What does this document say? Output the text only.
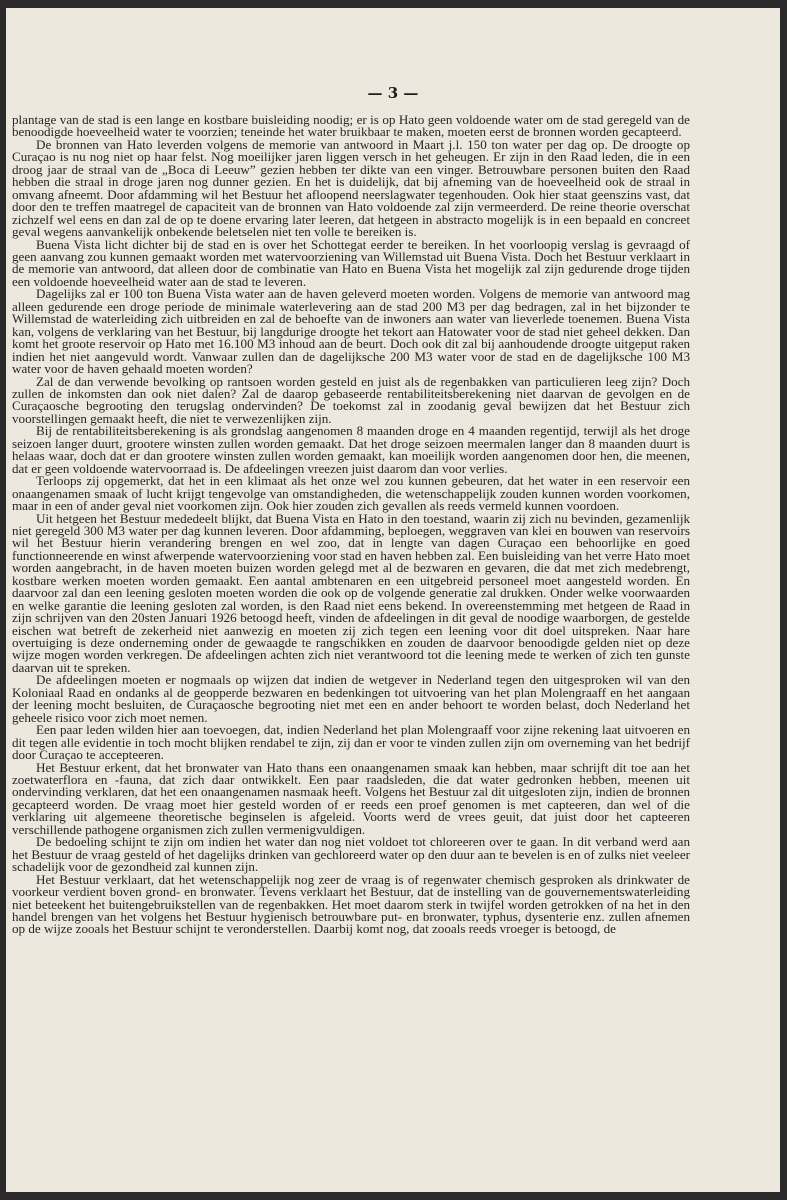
— 3 —

plantage van de stad is een lange en kostbare buisleiding noodig; er is op Hato geen voldoende water om de stad geregeld van de benoodigde hoeveelheid water te voorzien; teneinde het water bruikbaar te maken, moeten eerst de bronnen worden gecapteerd.

De bronnen van Hato leverden volgens de memorie van antwoord in Maart j.l. 150 ton water per dag op. De droogte op Curaçao is nu nog niet op haar felst. Nog moeilijker jaren liggen versch in het geheugen. Er zijn in den Raad leden, die in een droog jaar de straal van de „Boca di Leeuw” gezien hebben ter dikte van een vinger. Betrouwbare personen buiten den Raad hebben die straal in droge jaren nog dunner gezien. En het is duidelijk, dat bij afneming van de hoeveelheid ook de straal in omvang afneemt. Door afdamming wil het Bestuur het afloopend neerslagwater tegenhouden. Ook hier staat geenszins vast, dat door den te treffen maatregel de capaciteit van de bronnen van Hato voldoende zal zijn vermeerderd. De reine theorie overschat zichzelf wel eens en dan zal de op te doene ervaring later leeren, dat hetgeen in abstracto mogelijk is in een bepaald en concreet geval wegens aanvankelijk onbekende beletselen niet ten volle te bereiken is.

Buena Vista licht dichter bij de stad en is over het Schottegat eerder te bereiken. In het voorloopig verslag is gevraagd of geen aanvang zou kunnen gemaakt worden met watervoorziening van Willemstad uit Buena Vista. Doch het Bestuur verklaart in de memorie van antwoord, dat alleen door de combinatie van Hato en Buena Vista het mogelijk zal zijn gedurende droge tijden een voldoende hoeveelheid water aan de stad te leveren.

Dagelijks zal er 100 ton Buena Vista water aan de haven geleverd moeten worden. Volgens de memorie van antwoord mag alleen gedurende een droge periode de minimale waterlevering aan de stad 200 M3 per dag bedragen, zal in het bijzonder te Willemstad de waterleiding zich uitbreiden en zal de behoefte van de inwoners aan water van lieverlede toenemen. Buena Vista kan, volgens de verklaring van het Bestuur, bij langdurige droogte het tekort aan Hatowater voor de stad niet geheel dekken. Dan komt het groote reservoir op Hato met 16.100 M3 inhoud aan de beurt. Doch ook dit zal bij aanhoudende droogte uitgeput raken indien het niet aangevuld wordt. Vanwaar zullen dan de dagelijksche 200 M3 water voor de stad en de dagelijksche 100 M3 water voor de haven gehaald moeten worden?

Zal de dan verwende bevolking op rantsoen worden gesteld en juist als de regenbakken van particulieren leeg zijn? Doch zullen de inkomsten dan ook niet dalen? Zal de daarop gebaseerde rentabiliteitsberekening niet daarvan de gevolgen en de Curaçaosche begrooting den terugslag ondervinden? De toekomst zal in zoodanig geval bewijzen dat het Bestuur zich voorstellingen gemaakt heeft, die niet te verwezenlijken zijn.

Bij de rentabiliteitsberekening is als grondslag aangenomen 8 maanden droge en 4 maanden regentijd, terwijl als het droge seizoen langer duurt, grootere winsten zullen worden gemaakt. Dat het droge seizoen meermalen langer dan 8 maanden duurt is helaas waar, doch dat er dan grootere winsten zullen worden gemaakt, kan moeilijk worden aangenomen door hen, die meenen, dat er geen voldoende watervoorraad is. De afdeelingen vreezen juist daarom dan voor verlies.

Terloops zij opgemerkt, dat het in een klimaat als het onze wel zou kunnen gebeuren, dat het water in een reservoir een onaangenamen smaak of lucht krijgt tengevolge van omstandigheden, die wetenschappelijk zouden kunnen worden voorkomen, maar in een of ander geval niet voorkomen zijn. Ook hier zouden zich gevallen als reeds vermeld kunnen voordoen.

Uit hetgeen het Bestuur mededeelt blijkt, dat Buena Vista en Hato in den toestand, waarin zij zich nu bevinden, gezamenlijk niet geregeld 300 M3 water per dag kunnen leveren. Door afdamming, beploegen, weggraven van klei en bouwen van reservoirs wil het Bestuur hierin verandering brengen en wel zoo, dat in lengte van dagen Curaçao een behoorlijke en goed functionneerende en winst afwerpende watervoorziening voor stad en haven hebben zal. Een buisleiding van het verre Hato moet worden aangebracht, in de haven moeten buizen worden gelegd met al de bezwaren en gevaren, die dat met zich medebrengt, kostbare werken moeten worden gemaakt. Een aantal ambtenaren en een uitgebreid personeel moet aangesteld worden. En daarvoor zal dan een leening gesloten moeten worden die ook op de volgende generatie zal drukken. Onder welke voorwaarden en welke garantie die leening gesloten zal worden, is den Raad niet eens bekend. In overeenstemming met hetgeen de Raad in zijn schrijven van den 20sten Januari 1926 betoogd heeft, vinden de afdeelingen in dit geval de noodige waarborgen, de gestelde eischen wat betreft de zekerheid niet aanwezig en moeten zij zich tegen een leening voor dit doel uitspreken. Naar hare overtuiging is deze onderneming onder de gewaagde te rangschikken en zouden de daarvoor benoodigde gelden niet op deze wijze mogen worden verkregen. De afdeelingen achten zich niet verantwoord tot die leening mede te werken of zich ten gunste daarvan uit te spreken.

De afdeelingen moeten er nogmaals op wijzen dat indien de wetgever in Nederland tegen den uitgesproken wil van den Koloniaal Raad en ondanks al de geopperde bezwaren en bedenkingen tot uitvoering van het plan Molengraaff en het aangaan der leening mocht besluiten, de Curaçaosche begrooting niet met een en ander behoort te worden belast, doch Nederland het geheele risico voor zich moet nemen.

Een paar leden wilden hier aan toevoegen, dat, indien Nederland het plan Molengraaff voor zijne rekening laat uitvoeren en dit tegen alle evidentie in toch mocht blijken rendabel te zijn, zij dan er voor te vinden zullen zijn om overneming van het bedrijf door Curaçao te accepteeren.

Het Bestuur erkent, dat het bronwater van Hato thans een onaangenamen smaak kan hebben, maar schrijft dit toe aan het zoetwaterflora en -fauna, dat zich daar ontwikkelt. Een paar raadsleden, die dat water gedronken hebben, meenen uit ondervinding verklaren, dat het een onaangenamen nasmaak heeft. Volgens het Bestuur zal dit uitgesloten zijn, indien de bronnen gecapteerd worden. De vraag moet hier gesteld worden of er reeds een proef genomen is met capteeren, dan wel of die verklaring uit algemeene theoretische beginselen is afgeleid. Voorts werd de vrees geuit, dat juist door het capteeren verschillende pathogene organismen zich zullen vermenigvuldigen.

De bedoeling schijnt te zijn om indien het water dan nog niet voldoet tot chloreeren over te gaan. In dit verband werd aan het Bestuur de vraag gesteld of het dagelijks drinken van gechloreerd water op den duur aan te bevelen is en of zulks niet veeleer schadelijk voor de gezondheid zal kunnen zijn.

Het Bestuur verklaart, dat het wetenschappelijk nog zeer de vraag is of regenwater chemisch gesproken als drinkwater de voorkeur verdient boven grond- en bronwater. Tevens verklaart het Bestuur, dat de instelling van de gouvernementswaterleiding niet beteekent het buitengebruikstellen van de regenbakken. Het moet daarom sterk in twijfel worden getrokken of na het in den handel brengen van het volgens het Bestuur hygienisch betrouwbare put- en bronwater, typhus, dysenterie enz. zullen afnemen op de wijze zooals het Bestuur schijnt te veronderstellen. Daarbij komt nog, dat zooals reeds vroeger is betoogd, de
